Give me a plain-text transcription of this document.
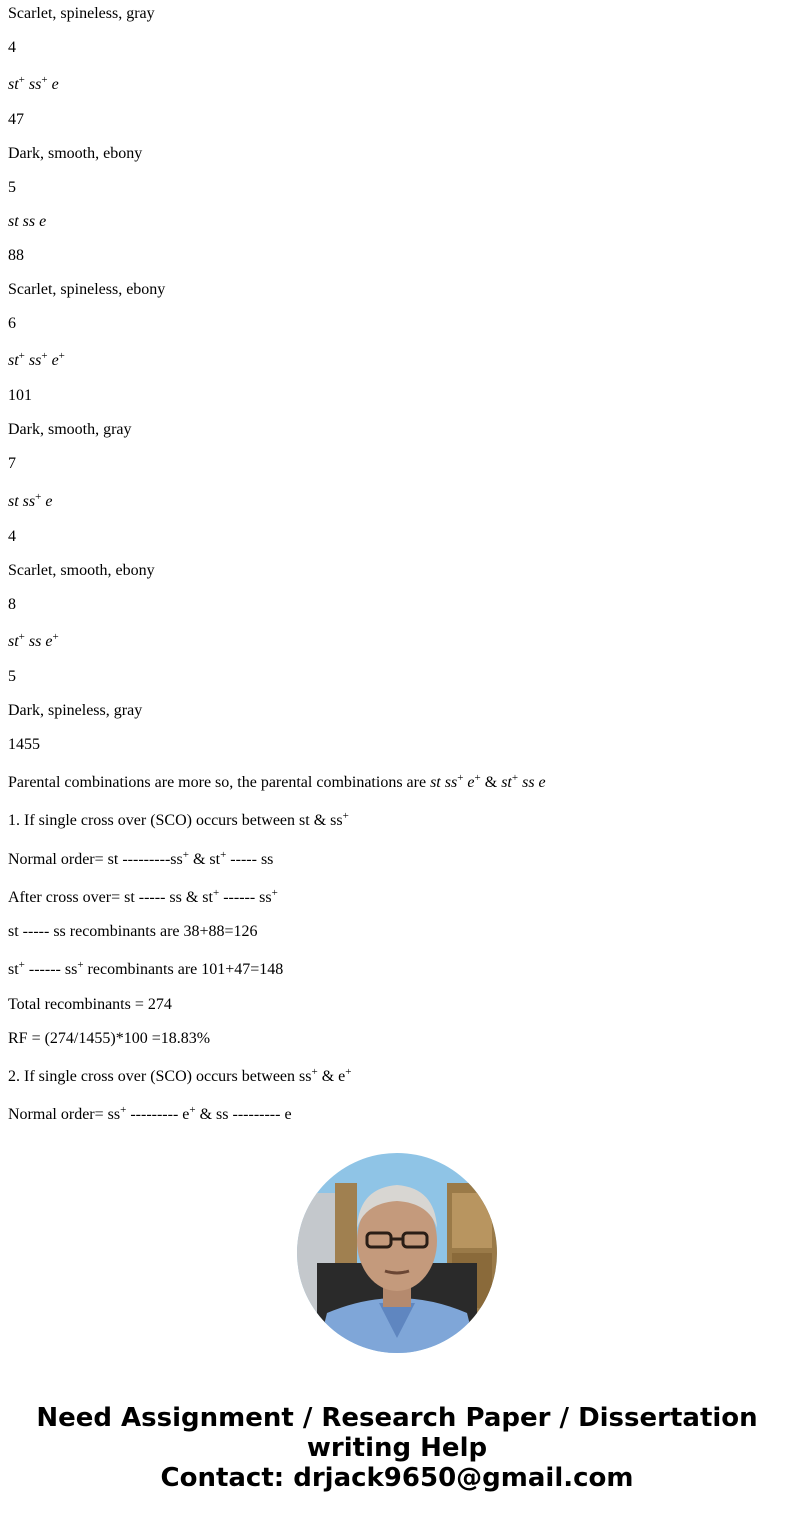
Scarlet, spineless, gray

4

st+ ss+ e

47

Dark, smooth, ebony

5

st ss e

88

Scarlet, spineless, ebony

6

st+ ss+ e+

101

Dark, smooth, gray

7

st ss+ e

4

Scarlet, smooth, ebony

8

st+ ss e+

5

Dark, spineless, gray

1455

Parental combinations are more so, the parental combinations are st ss+ e+ & st+ ss e

1. If single cross over (SCO) occurs between st & ss+

Normal order= st ---------ss+ & st+ ----- ss

After cross over= st ----- ss & st+ ------ ss+

st ----- ss recombinants are 38+88=126

st+ ------ ss+ recombinants are 101+47=148

Total recombinants = 274

RF = (274/1455)*100 =18.83%

2. If single cross over (SCO) occurs between ss+ & e+

Normal order= ss+ --------- e+ & ss --------- e

Need Assignment / Research Paper / Dissertation
writing Help
Contact: drjack9650@gmail.com
